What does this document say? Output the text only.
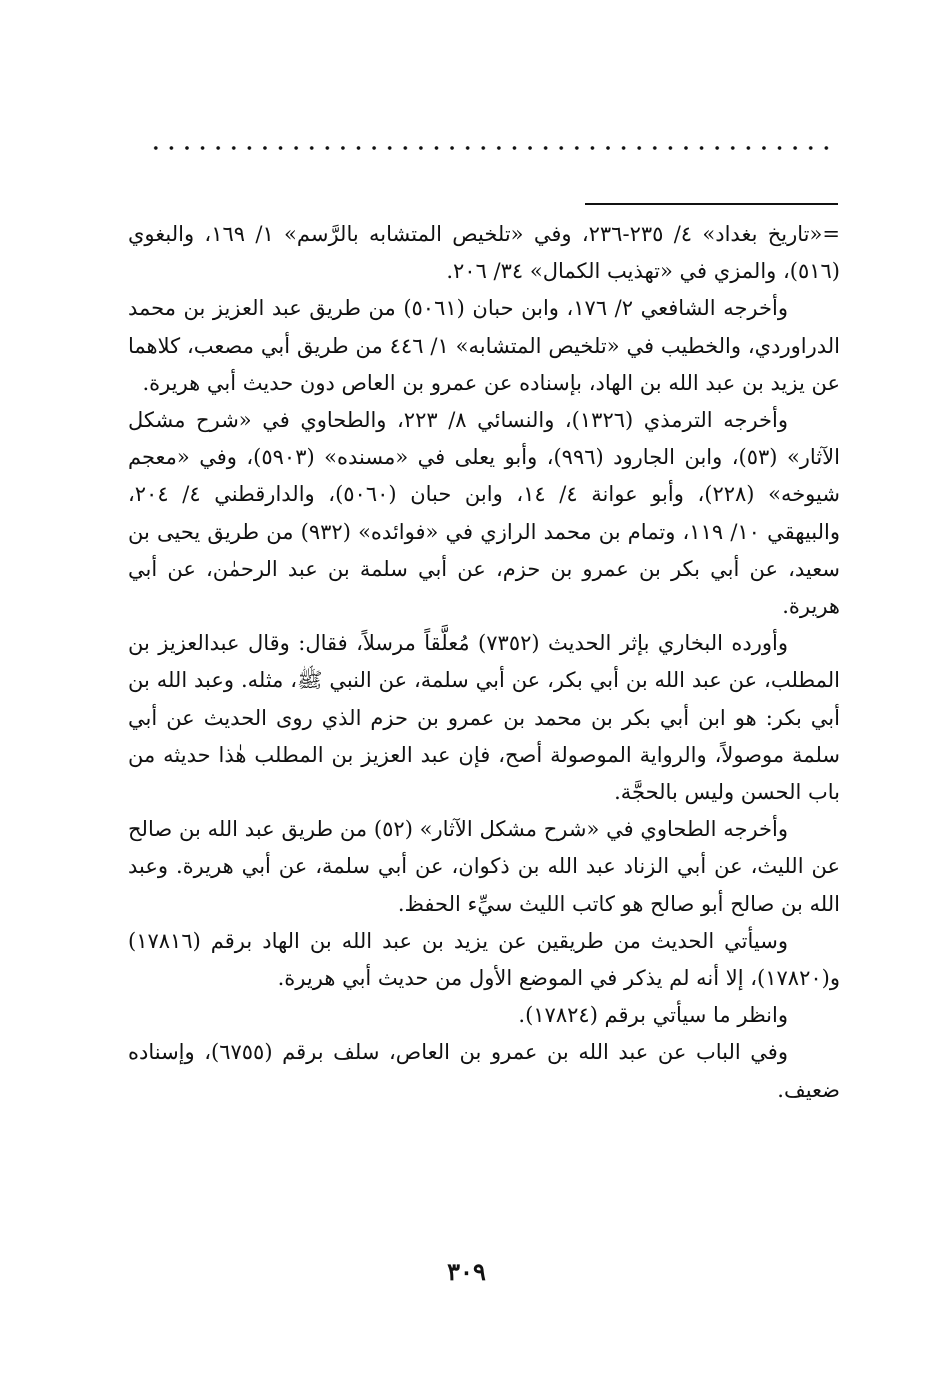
=«تاريخ بغداد» ٤/ ٢٣٥-٢٣٦، وفي «تلخيص المتشابه بالرَّسم» ١/ ١٦٩، والبغوي (٥١٦)، والمزي في «تهذيب الكمال» ٣٤/ ٢٠٦.

وأخرجه الشافعي ٢/ ١٧٦، وابن حبان (٥٠٦١) من طريق عبد العزيز بن محمد الدراوردي، والخطيب في «تلخيص المتشابه» ١/ ٤٤٦ من طريق أبي مصعب، كلاهما عن يزيد بن عبد الله بن الهاد، بإسناده عن عمرو بن العاص دون حديث أبي هريرة.

وأخرجه الترمذي (١٣٢٦)، والنسائي ٨/ ٢٢٣، والطحاوي في «شرح مشكل الآثار» (٥٣)، وابن الجارود (٩٩٦)، وأبو يعلى في «مسنده» (٥٩٠٣)، وفي «معجم شيوخه» (٢٢٨)، وأبو عوانة ٤/ ١٤، وابن حبان (٥٠٦٠)، والدارقطني ٤/ ٢٠٤، والبيهقي ١٠/ ١١٩، وتمام بن محمد الرازي في «فوائده» (٩٣٢) من طريق يحيى بن سعيد، عن أبي بكر بن عمرو بن حزم، عن أبي سلمة بن عبد الرحمٰن، عن أبي هريرة.

وأورده البخاري بإثر الحديث (٧٣٥٢) مُعلَّقاً مرسلاً، فقال: وقال عبدالعزيز بن المطلب، عن عبد الله بن أبي بكر، عن أبي سلمة، عن النبي ﷺ، مثله. وعبد الله بن أبي بكر: هو ابن أبي بكر بن محمد بن عمرو بن حزم الذي روى الحديث عن أبي سلمة موصولاً، والرواية الموصولة أصح، فإن عبد العزيز بن المطلب هٰذا حديثه من باب الحسن وليس بالحجَّة.

وأخرجه الطحاوي في «شرح مشكل الآثار» (٥٢) من طريق عبد الله بن صالح عن الليث، عن أبي الزناد عبد الله بن ذكوان، عن أبي سلمة، عن أبي هريرة. وعبد الله بن صالح أبو صالح هو كاتب الليث سيِّء الحفظ.

وسيأتي الحديث من طريقين عن يزيد بن عبد الله بن الهاد برقم (١٧٨١٦) و(١٧٨٢٠)، إلا أنه لم يذكر في الموضع الأول من حديث أبي هريرة.

وانظر ما سيأتي برقم (١٧٨٢٤).

وفي الباب عن عبد الله بن عمرو بن العاص، سلف برقم (٦٧٥٥)، وإسناده ضعيف.

٣٠٩
